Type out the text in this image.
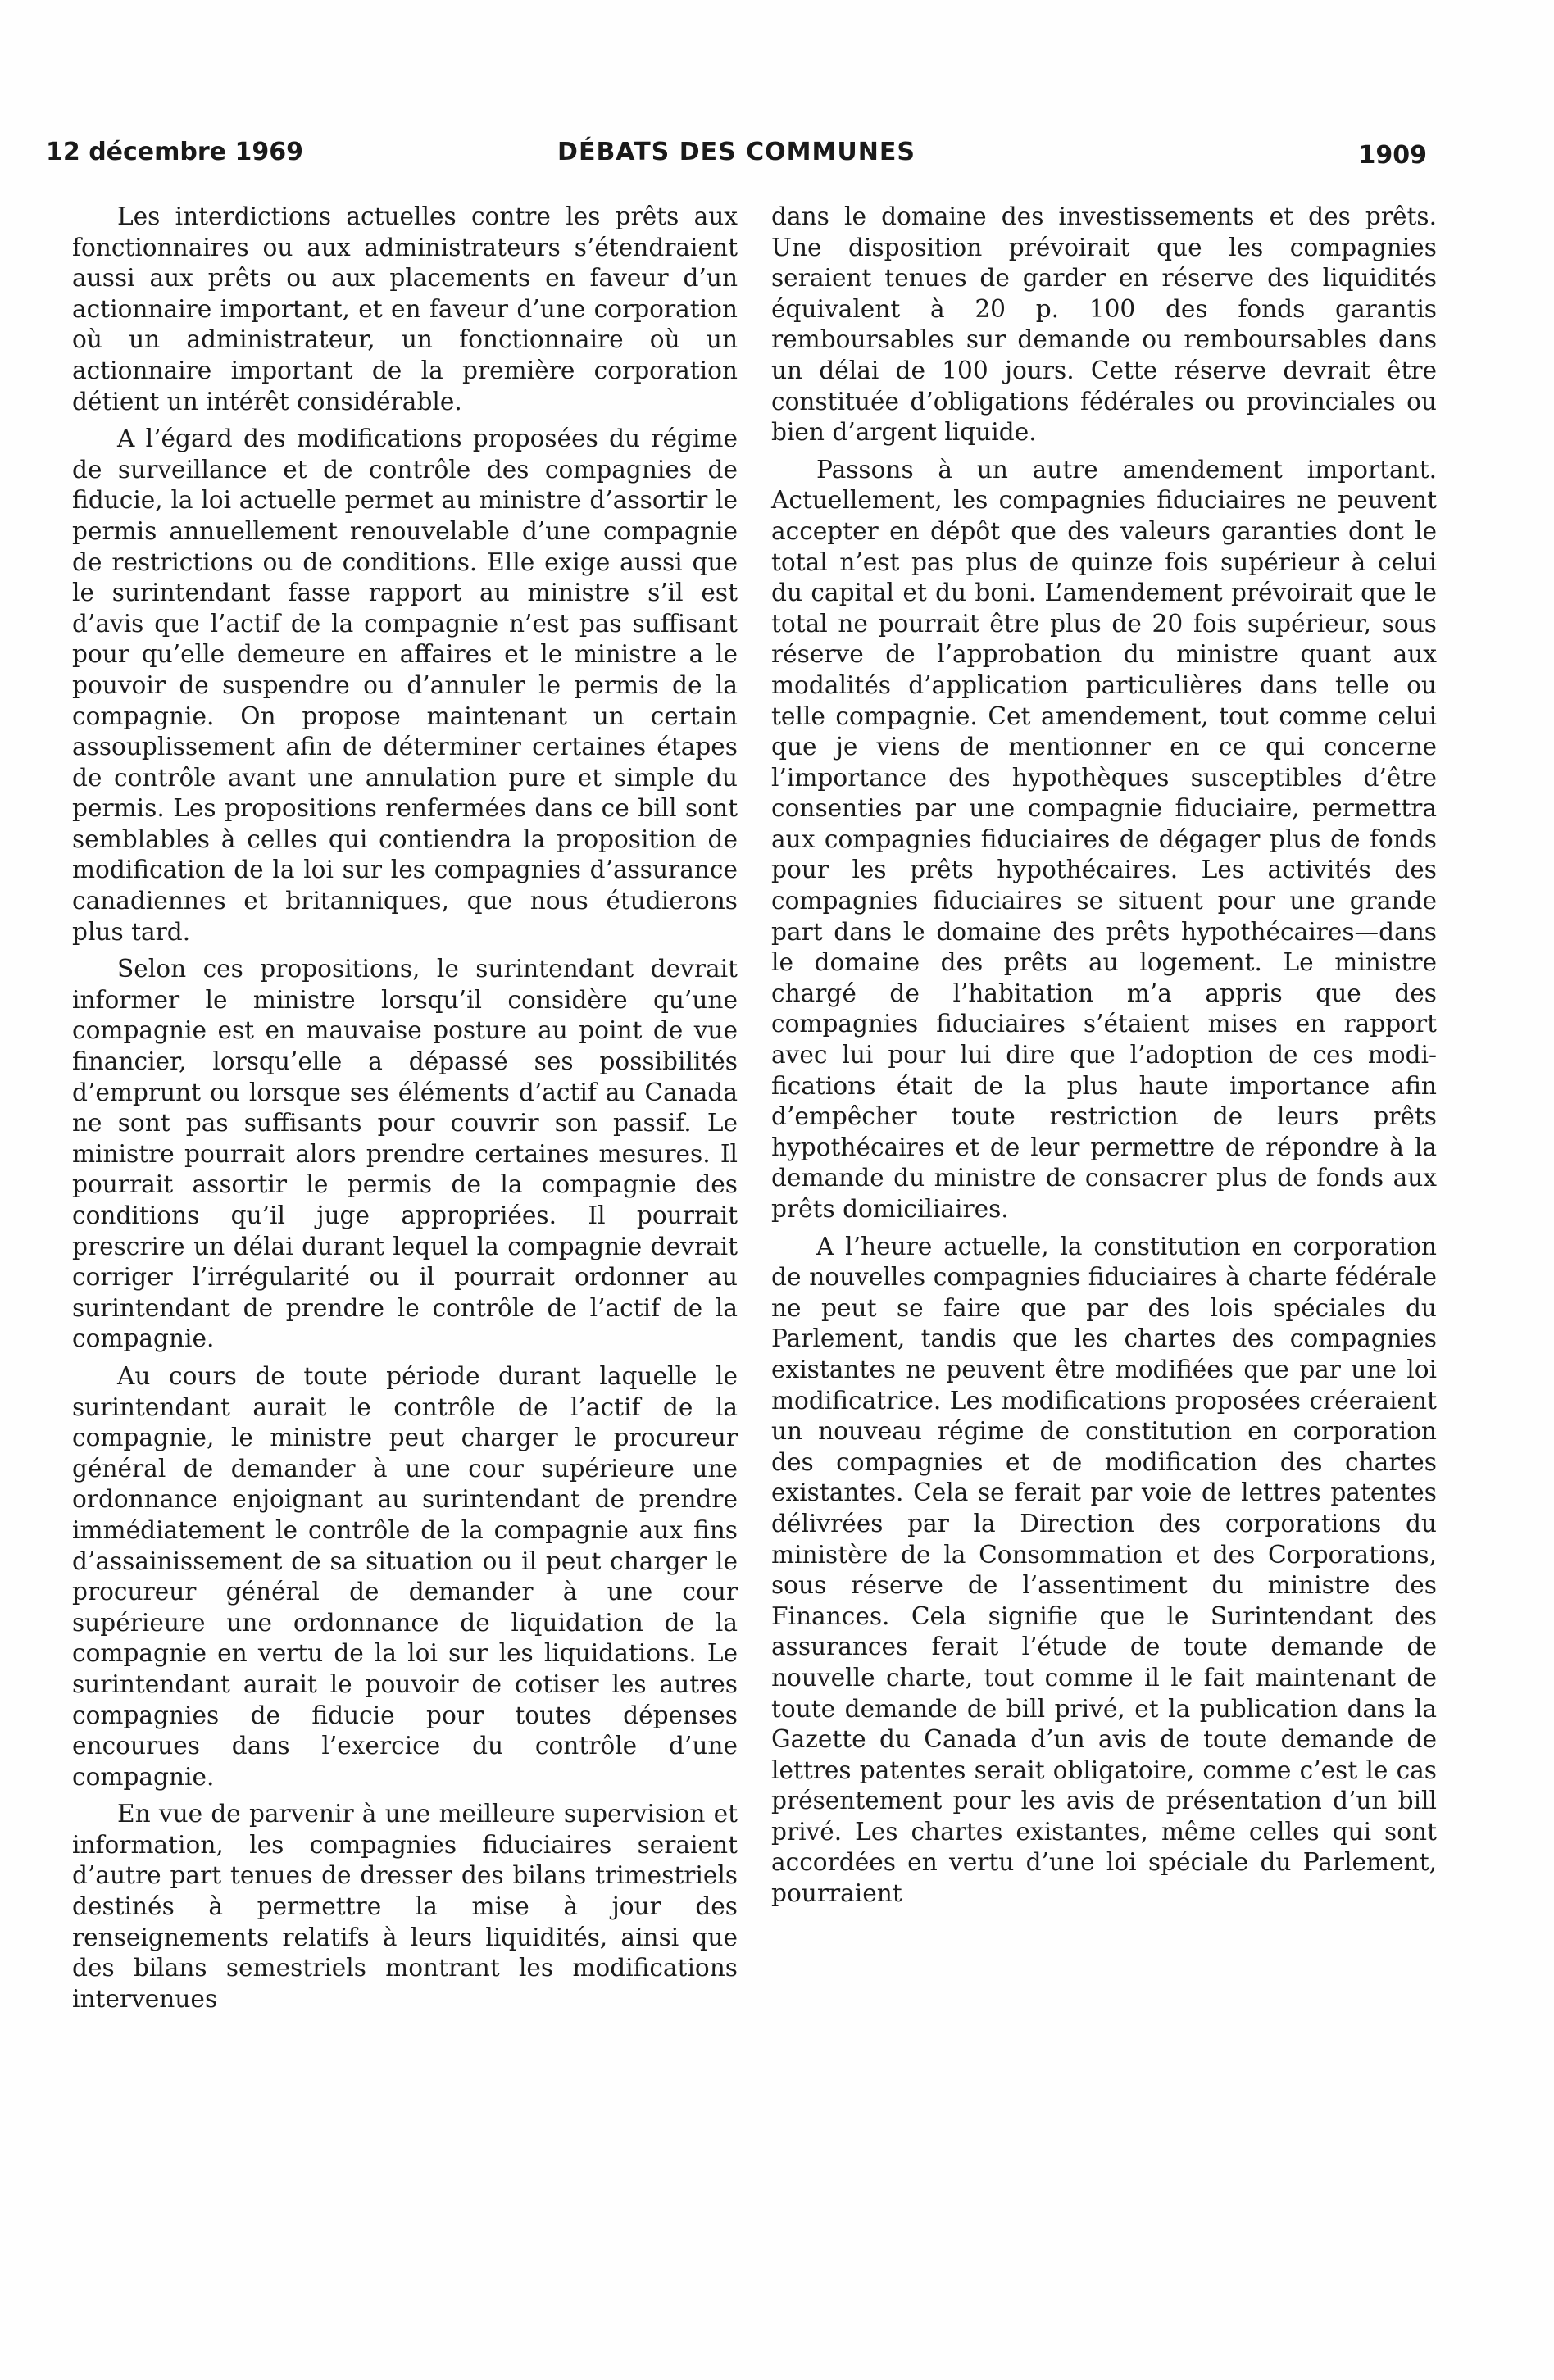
12 décembre 1969	DÉBATS DES COMMUNES	1909

Les interdictions actuelles contre les prêts aux fonctionnaires ou aux administrateurs s’étendraient aussi aux prêts ou aux placements en faveur d’un actionnaire important, et en faveur d’une corporation où un administrateur, un fonctionnaire où un actionnaire important de la première corporation détient un intérêt considérable.

A l’égard des modifications proposées du régime de surveillance et de contrôle des compagnies de fiducie, la loi actuelle permet au ministre d’assortir le permis annuellement renouvelable d’une compagnie de restrictions ou de conditions. Elle exige aussi que le surintendant fasse rapport au ministre s’il est d’avis que l’actif de la compagnie n’est pas suffisant pour qu’elle demeure en affaires et le ministre a le pouvoir de suspendre ou d’annuler le permis de la compagnie. On propose maintenant un certain assouplissement afin de déterminer certaines étapes de contrôle avant une annulation pure et simple du permis. Les propositions renfermées dans ce bill sont semblables à celles qui contiendra la proposition de modification de la loi sur les compagnies d’assurance canadiennes et britanniques, que nous étudierons plus tard.

Selon ces propositions, le surintendant devrait informer le ministre lorsqu’il considère qu’une compagnie est en mauvaise posture au point de vue financier, lorsqu’elle a dépassé ses possibilités d’emprunt ou lorsque ses éléments d’actif au Canada ne sont pas suffisants pour couvrir son passif. Le ministre pourrait alors prendre certaines mesures. Il pourrait assortir le permis de la compagnie des conditions qu’il juge appropriées. Il pourrait prescrire un délai durant lequel la compagnie devrait corriger l’irrégularité ou il pourrait ordonner au surintendant de prendre le contrôle de l’actif de la compagnie.

Au cours de toute période durant laquelle le surintendant aurait le contrôle de l’actif de la compagnie, le ministre peut charger le procureur général de demander à une cour supérieure une ordonnance enjoignant au surintendant de prendre immédiatement le contrôle de la compagnie aux fins d’assainissement de sa situation ou il peut charger le procureur général de demander à une cour supérieure une ordonnance de liquidation de la compagnie en vertu de la loi sur les liquidations. Le surintendant aurait le pouvoir de cotiser les autres compagnies de fiducie pour toutes dépenses encourues dans l’exercice du contrôle d’une compagnie.

En vue de parvenir à une meilleure supervision et information, les compagnies fiduciaires seraient d’autre part tenues de dresser des bilans trimestriels destinés à permettre la mise à jour des renseignements relatifs à leurs liquidités, ainsi que des bilans semestriels montrant les modifications intervenues

dans le domaine des investissements et des prêts. Une disposition prévoirait que les compagnies seraient tenues de garder en réserve des liquidités équivalent à 20 p. 100 des fonds garantis remboursables sur demande ou remboursables dans un délai de 100 jours. Cette réserve devrait être constituée d’obligations fédérales ou provinciales ou bien d’argent liquide.

Passons à un autre amendement important. Actuellement, les compagnies fiduciaires ne peuvent accepter en dépôt que des valeurs garanties dont le total n’est pas plus de quinze fois supérieur à celui du capital et du boni. L’amendement prévoirait que le total ne pourrait être plus de 20 fois supérieur, sous réserve de l’approbation du ministre quant aux modalités d’application particulières dans telle ou telle compagnie. Cet amendement, tout comme celui que je viens de mentionner en ce qui concerne l’importance des hypothèques susceptibles d’être consenties par une compagnie fiduciaire, permettra aux compagnies fiduciaires de dégager plus de fonds pour les prêts hypothécaires. Les activités des compagnies fiduciaires se situent pour une grande part dans le domaine des prêts hypothécaires—dans le domaine des prêts au logement. Le ministre chargé de l’habitation m’a appris que des compagnies fiduciaires s’étaient mises en rapport avec lui pour lui dire que l’adoption de ces modifications était de la plus haute importance afin d’empêcher toute restriction de leurs prêts hypothécaires et de leur permettre de répondre à la demande du ministre de consacrer plus de fonds aux prêts domiciliaires.

A l’heure actuelle, la constitution en corporation de nouvelles compagnies fiduciaires à charte fédérale ne peut se faire que par des lois spéciales du Parlement, tandis que les chartes des compagnies existantes ne peuvent être modifiées que par une loi modificatrice. Les modifications proposées créeraient un nouveau régime de constitution en corporation des compagnies et de modification des chartes existantes. Cela se ferait par voie de lettres patentes délivrées par la Direction des corporations du ministère de la Consommation et des Corporations, sous réserve de l’assentiment du ministre des Finances. Cela signifie que le Surintendant des assurances ferait l’étude de toute demande de nouvelle charte, tout comme il le fait maintenant de toute demande de bill privé, et la publication dans la Gazette du Canada d’un avis de toute demande de lettres patentes serait obligatoire, comme c’est le cas présentement pour les avis de présentation d’un bill privé. Les chartes existantes, même celles qui sont accordées en vertu d’une loi spéciale du Parlement, pourraient
